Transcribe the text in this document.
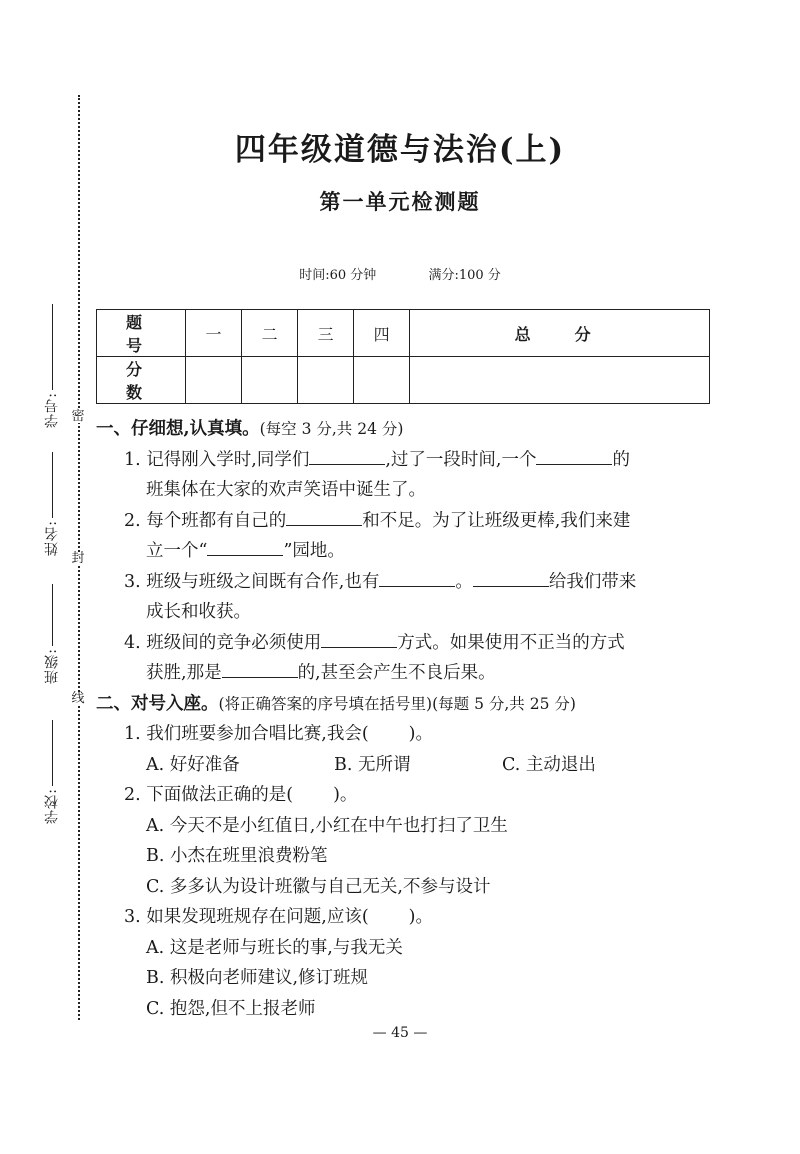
密
封
线
学号:
姓名:
班级:
学校:
四年级道德与法治(上)
第一单元检测题
时间:60 分钟	满分:100 分
题　号	一	二	三	四	总　分
分　数					
一、仔细想,认真填。(每空 3 分,共 24 分)
1. 记得刚入学时,同学们	,过了一段时间,一个	的
班集体在大家的欢声笑语中诞生了。
2. 每个班都有自己的	和不足。为了让班级更棒,我们来建
立一个“	”园地。
3. 班级与班级之间既有合作,也有	。	给我们带来
成长和收获。
4. 班级间的竞争必须使用	方式。如果使用不正当的方式
获胜,那是	的,甚至会产生不良后果。
二、对号入座。(将正确答案的序号填在括号里)(每题 5 分,共 25 分)
1. 我们班要参加合唱比赛,我会( )。
A. 好好准备	B. 无所谓	C. 主动退出
2. 下面做法正确的是( )。
A. 今天不是小红值日,小红在中午也打扫了卫生
B. 小杰在班里浪费粉笔
C. 多多认为设计班徽与自己无关,不参与设计
3. 如果发现班规存在问题,应该( )。
A. 这是老师与班长的事,与我无关
B. 积极向老师建议,修订班规
C. 抱怨,但不上报老师
— 45 —
